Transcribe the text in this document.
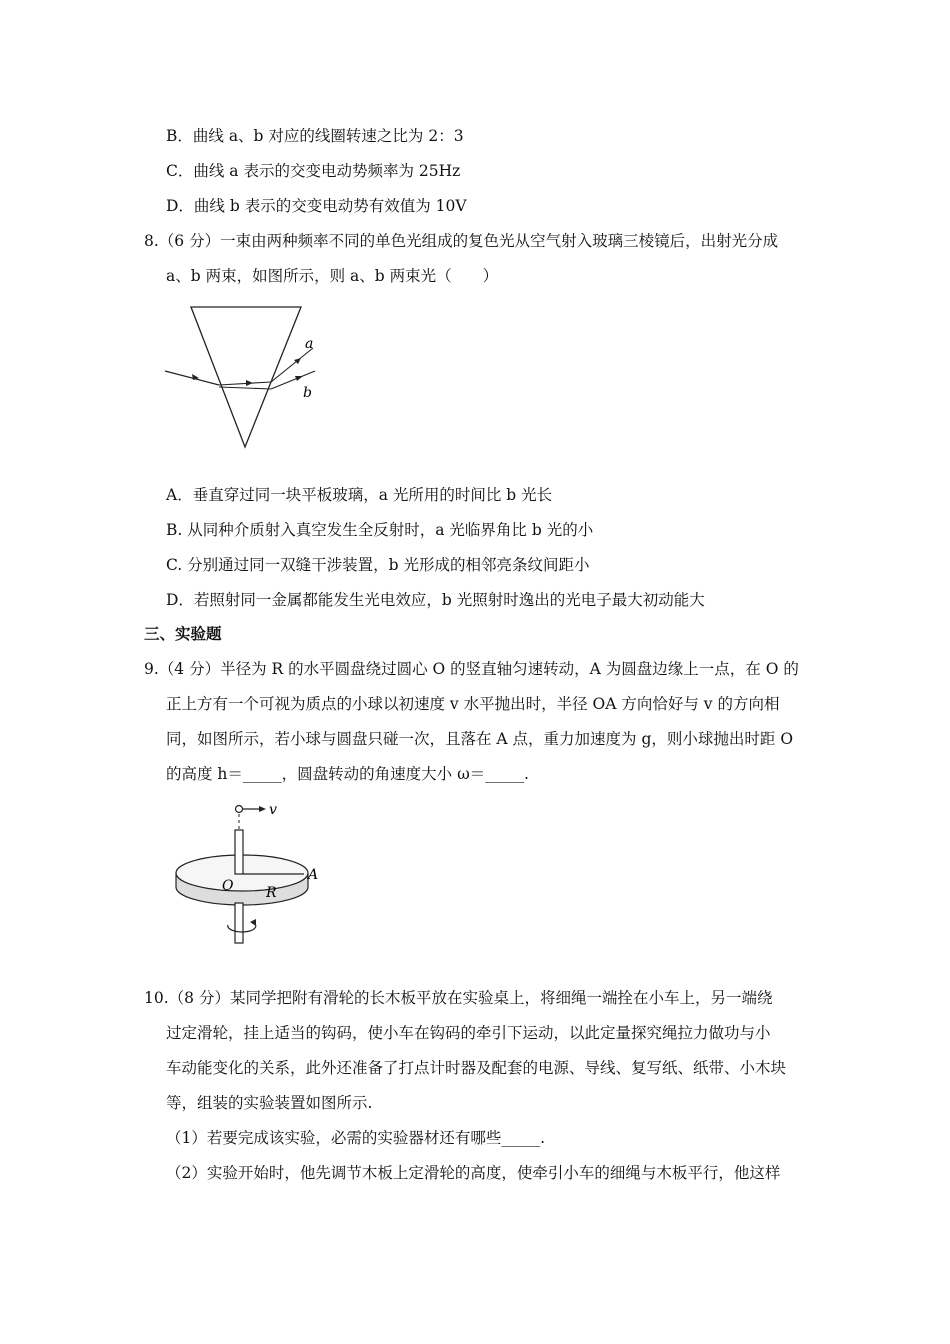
B．曲线 a、b 对应的线圈转速之比为 2：3
C．曲线 a 表示的交变电动势频率为 25Hz
D．曲线 b 表示的交变电动势有效值为 10V
8.（6 分）一束由两种频率不同的单色光组成的复色光从空气射入玻璃三棱镜后，出射光分成
a、b 两束，如图所示，则 a、b 两束光（　　）
a
b
A．垂直穿过同一块平板玻璃，a 光所用的时间比 b 光长
B. 从同种介质射入真空发生全反射时，a 光临界角比 b 光的小
C. 分别通过同一双缝干涉装置，b 光形成的相邻亮条纹间距小
D．若照射同一金属都能发生光电效应，b 光照射时逸出的光电子最大初动能大
三、实验题
9.（4 分）半径为 R 的水平圆盘绕过圆心 O 的竖直轴匀速转动，A 为圆盘边缘上一点，在 O 的
正上方有一个可视为质点的小球以初速度 v 水平抛出时，半径 OA 方向恰好与 v 的方向相
同，如图所示，若小球与圆盘只碰一次，且落在 A 点，重力加速度为 g，则小球抛出时距 O
的高度 h＝_____，圆盘转动的角速度大小 ω＝_____.
v
O
A
R
10.（8 分）某同学把附有滑轮的长木板平放在实验桌上，将细绳一端拴在小车上，另一端绕
过定滑轮，挂上适当的钩码，使小车在钩码的牵引下运动，以此定量探究绳拉力做功与小
车动能变化的关系，此外还准备了打点计时器及配套的电源、导线、复写纸、纸带、小木块
等，组装的实验装置如图所示.
（1）若要完成该实验，必需的实验器材还有哪些_____.
（2）实验开始时，他先调节木板上定滑轮的高度，使牵引小车的细绳与木板平行，他这样
